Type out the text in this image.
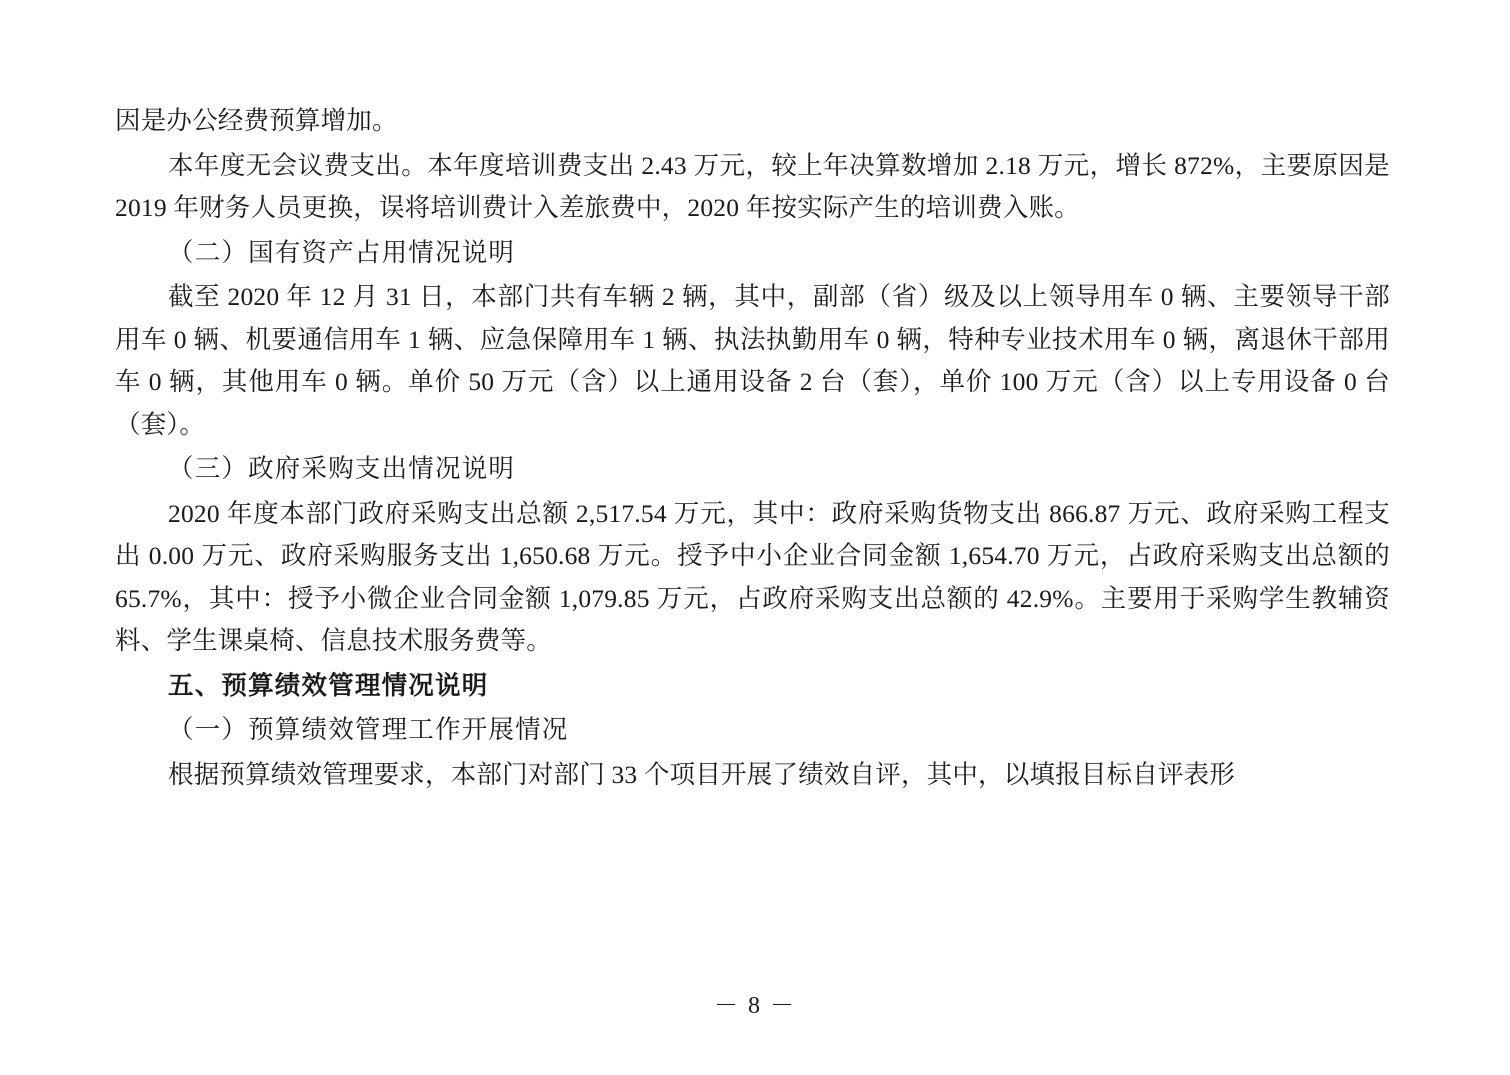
因是办公经费预算增加。

本年度无会议费支出。本年度培训费支出 2.43 万元，较上年决算数增加 2.18 万元，增长 872%，主要原因是 2019 年财务人员更换，误将培训费计入差旅费中，2020 年按实际产生的培训费入账。

（二）国有资产占用情况说明

截至 2020 年 12 月 31 日，本部门共有车辆 2 辆，其中，副部（省）级及以上领导用车 0 辆、主要领导干部用车 0 辆、机要通信用车 1 辆、应急保障用车 1 辆、执法执勤用车 0 辆，特种专业技术用车 0 辆，离退休干部用车 0 辆，其他用车 0 辆。单价 50 万元（含）以上通用设备 2 台（套），单价 100 万元（含）以上专用设备 0 台（套）。

（三）政府采购支出情况说明

2020 年度本部门政府采购支出总额 2,517.54 万元，其中：政府采购货物支出 866.87 万元、政府采购工程支出 0.00 万元、政府采购服务支出 1,650.68 万元。授予中小企业合同金额 1,654.70 万元，占政府采购支出总额的 65.7%，其中：授予小微企业合同金额 1,079.85 万元，占政府采购支出总额的 42.9%。主要用于采购学生教辅资料、学生课桌椅、信息技术服务费等。

五、预算绩效管理情况说明

（一）预算绩效管理工作开展情况

根据预算绩效管理要求，本部门对部门 33 个项目开展了绩效自评，其中，以填报目标自评表形

－ 8 －
